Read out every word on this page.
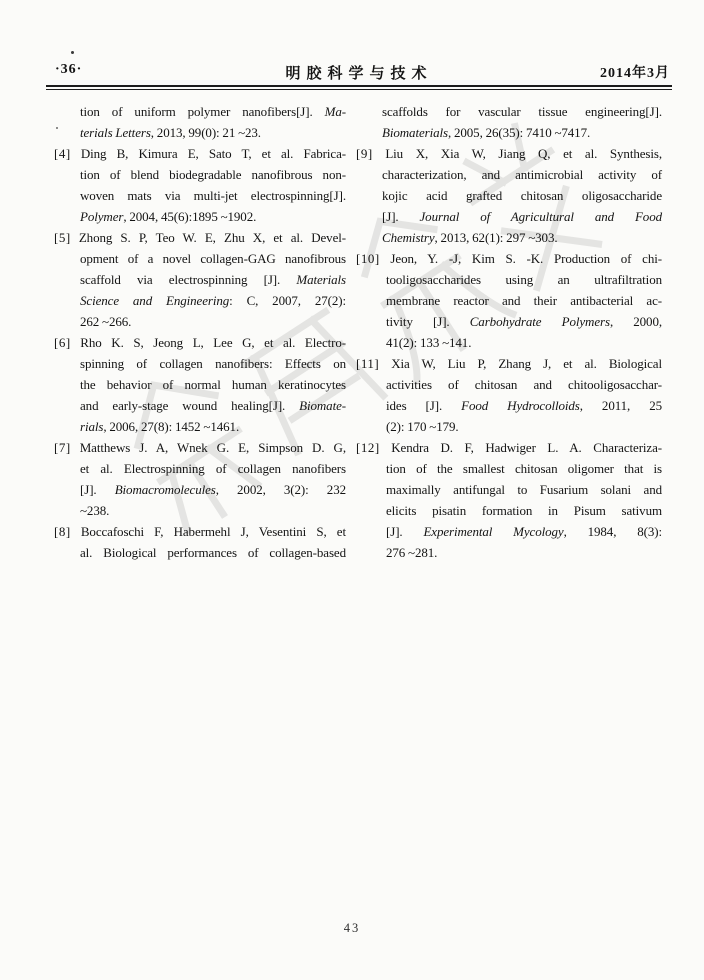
·36·	明胶科学与技术	2014年3月
tion of uniform polymer nanofibers[J]. Ma-
terials Letters, 2013, 99(0): 21 ~23.
[4] Ding B, Kimura E, Sato T, et al. Fabrica-
tion of blend biodegradable nanofibrous non-
woven mats via multi-jet electrospinning[J].
Polymer, 2004, 45(6):1895 ~1902.
[5] Zhong S. P, Teo W. E, Zhu X, et al. Devel-
opment of a novel collagen-GAG nanofibrous
scaffold via electrospinning [J]. Materials
Science and Engineering: C, 2007, 27(2):
262 ~266.
[6] Rho K. S, Jeong L, Lee G, et al. Electro-
spinning of collagen nanofibers: Effects on
the behavior of normal human keratinocytes
and early-stage wound healing[J]. Biomate-
rials, 2006, 27(8): 1452 ~1461.
[7] Matthews J. A, Wnek G. E, Simpson D. G,
et al. Electrospinning of collagen nanofibers
[J]. Biomacromolecules, 2002, 3(2): 232
~238.
[8] Boccafoschi F, Habermehl J, Vesentini S, et
al. Biological performances of collagen-based
scaffolds for vascular tissue engineering[J].
Biomaterials, 2005, 26(35): 7410 ~7417.
[9] Liu X, Xia W, Jiang Q, et al. Synthesis,
characterization, and antimicrobial activity of
kojic acid grafted chitosan oligosaccharide
[J]. Journal of Agricultural and Food
Chemistry, 2013, 62(1): 297 ~303.
[10] Jeon, Y. -J, Kim S. -K. Production of chi-
tooligosaccharides using an ultrafiltration
membrane reactor and their antibacterial ac-
tivity [J]. Carbohydrate Polymers, 2000,
41(2): 133 ~141.
[11] Xia W, Liu P, Zhang J, et al. Biological
activities of chitosan and chitooligosacchar-
ides [J]. Food Hydrocolloids, 2011, 25
(2): 170 ~179.
[12] Kendra D. F, Hadwiger L. A. Characteriza-
tion of the smallest chitosan oligomer that is
maximally antifungal to Fusarium solani and
elicits pisatin formation in Pisum sativum
[J]. Experimental Mycology, 1984, 8(3):
276 ~281.
43
